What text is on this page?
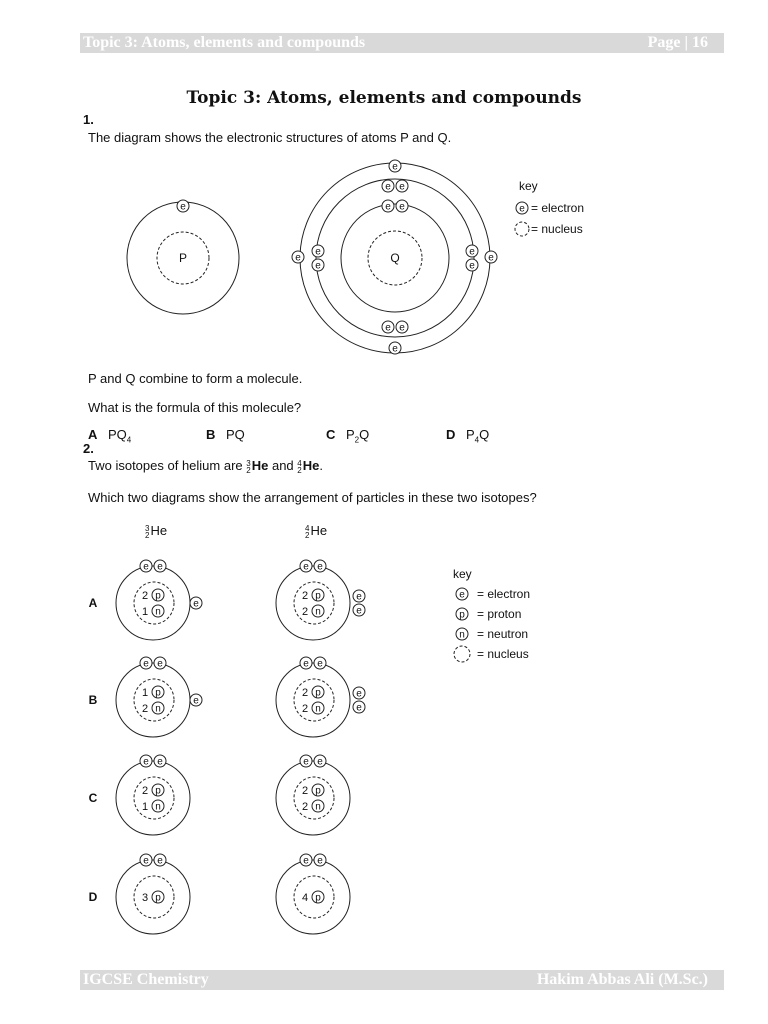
Topic 3: Atoms, elements and compounds	Page | 16
Topic 3: Atoms, elements and compounds
1.
The diagram shows the electronic structures of atoms P and Q.
P
e
Q
e e
e e
e e
e
e
e
e
e
e
e	e
key
e = electron
= nucleus
P and Q combine to form a molecule.
What is the formula of this molecule?
A $PQ_4$	B PQ	C $P_2Q$	D $P_4Q$
2.
Two isotopes of helium are 3
2He and 4
2He.
Which two diagrams show the arrangement of particles in these two isotopes?
3
2He	4
2He
A
e e
e
2 p
1 n
e e
e
e
2 p
2 n
B
e e
e
1 p
2 n
e e
e
e
2 p
2 n
C
e e
2 p
1 n
e e
2 p
2 n
D
e e
3 p
e e
4 p
key
e = electron
p = proton
n = neutron
= nucleus
IGCSE Chemistry	Hakim Abbas Ali (M.Sc.)
